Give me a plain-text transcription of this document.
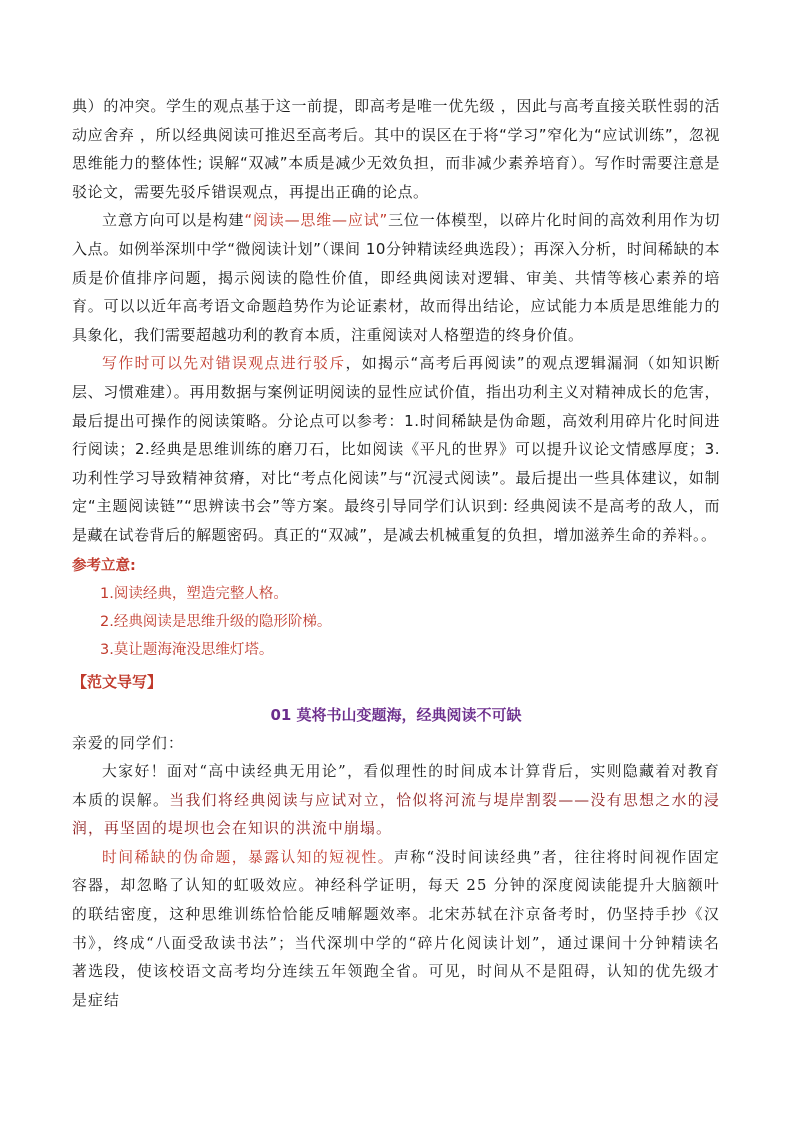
典）的冲突。学生的观点基于这一前提，即高考是唯一优先级 ，因此与高考直接关联性弱的活动应舍弃 ，所以经典阅读可推迟至高考后。其中的误区在于将“学习”窄化为“应试训练”，忽视思维能力的整体性; 误解“双减”本质是减少无效负担，而非减少素养培育）。写作时需要注意是驳论文，需要先驳斥错误观点，再提出正确的论点。

立意方向可以是构建“阅读—思维—应试”三位一体模型，以碎片化时间的高效利用作为切入点。如例举深圳中学“微阅读计划”（课间 10分钟精读经典选段）；再深入分析，时间稀缺的本质是价值排序问题，揭示阅读的隐性价值，即经典阅读对逻辑、审美、共情等核心素养的培育。可以以近年高考语文命题趋势作为论证素材，故而得出结论，应试能力本质是思维能力的具象化，我们需要超越功利的教育本质，注重阅读对人格塑造的终身价值。

写作时可以先对错误观点进行驳斥，如揭示“高考后再阅读”的观点逻辑漏洞（如知识断层、习惯难建）。再用数据与案例证明阅读的显性应试价值，指出功利主义对精神成长的危害，最后提出可操作的阅读策略。分论点可以参考：1.时间稀缺是伪命题，高效利用碎片化时间进行阅读；2.经典是思维训练的磨刀石，比如阅读《平凡的世界》可以提升议论文情感厚度；3.功利性学习导致精神贫瘠，对比“考点化阅读”与“沉浸式阅读”。最后提出一些具体建议，如制定“主题阅读链”“思辨读书会”等方案。最终引导同学们认识到: 经典阅读不是高考的敌人，而是藏在试卷背后的解题密码。真正的“双减”，是减去机械重复的负担，增加滋养生命的养料。。

参考立意:
1.阅读经典，塑造完整人格。
2.经典阅读是思维升级的隐形阶梯。
3.莫让题海淹没思维灯塔。
【范文导写】
01 莫将书山变题海，经典阅读不可缺

亲爱的同学们：

大家好！面对“高中读经典无用论”，看似理性的时间成本计算背后，实则隐藏着对教育本质的误解。当我们将经典阅读与应试对立，恰似将河流与堤岸割裂——没有思想之水的浸润，再坚固的堤坝也会在知识的洪流中崩塌。

时间稀缺的伪命题，暴露认知的短视性。声称“没时间读经典”者，往往将时间视作固定容器，却忽略了认知的虹吸效应。神经科学证明，每天 25 分钟的深度阅读能提升大脑额叶的联结密度，这种思维训练恰恰能反哺解题效率。北宋苏轼在汴京备考时，仍坚持手抄《汉书》，终成“八面受敌读书法”；当代深圳中学的“碎片化阅读计划”，通过课间十分钟精读名著选段，使该校语文高考均分连续五年领跑全省。可见，时间从不是阻碍，认知的优先级才是症结
